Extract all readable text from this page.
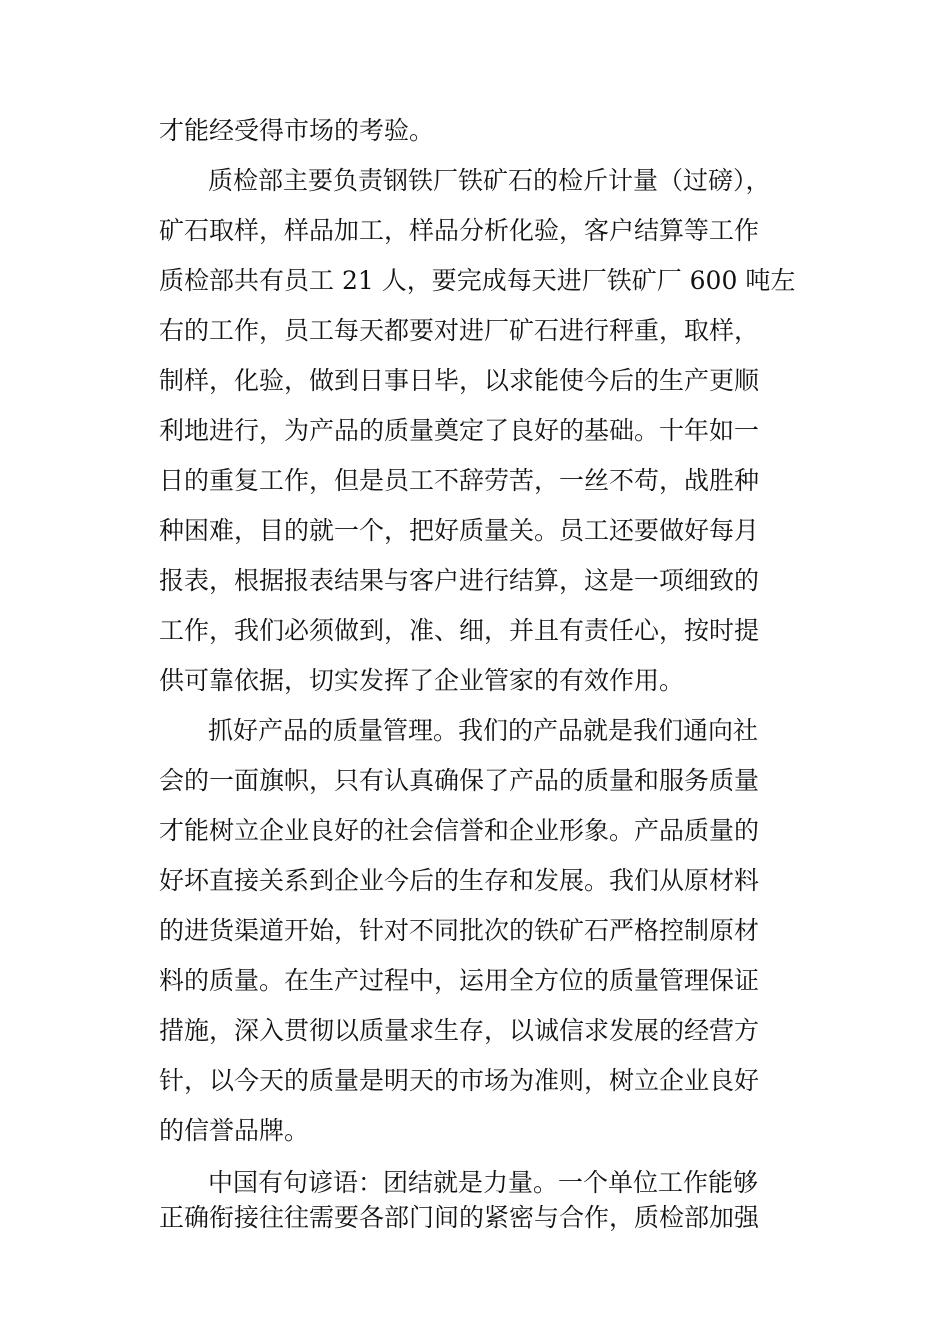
才能经受得市场的考验。

质检部主要负责钢铁厂铁矿石的检斤计量（过磅），

矿石取样，样品加工，样品分析化验，客户结算等工作

质检部共有员工 21 人，要完成每天进厂铁矿厂 600 吨左

右的工作，员工每天都要对进厂矿石进行秤重，取样，

制样，化验，做到日事日毕，以求能使今后的生产更顺

利地进行，为产品的质量奠定了良好的基础。十年如一

日的重复工作，但是员工不辞劳苦，一丝不苟，战胜种

种困难，目的就一个，把好质量关。员工还要做好每月

报表，根据报表结果与客户进行结算，这是一项细致的

工作，我们必须做到，准、细，并且有责任心，按时提

供可靠依据，切实发挥了企业管家的有效作用。

抓好产品的质量管理。我们的产品就是我们通向社

会的一面旗帜，只有认真确保了产品的质量和服务质量

才能树立企业良好的社会信誉和企业形象。产品质量的

好坏直接关系到企业今后的生存和发展。我们从原材料

的进货渠道开始，针对不同批次的铁矿石严格控制原材

料的质量。在生产过程中，运用全方位的质量管理保证

措施，深入贯彻以质量求生存，以诚信求发展的经营方

针，以今天的质量是明天的市场为准则，树立企业良好

的信誉品牌。

中国有句谚语：团结就是力量。一个单位工作能够

正确衔接往往需要各部门间的紧密与合作，质检部加强
